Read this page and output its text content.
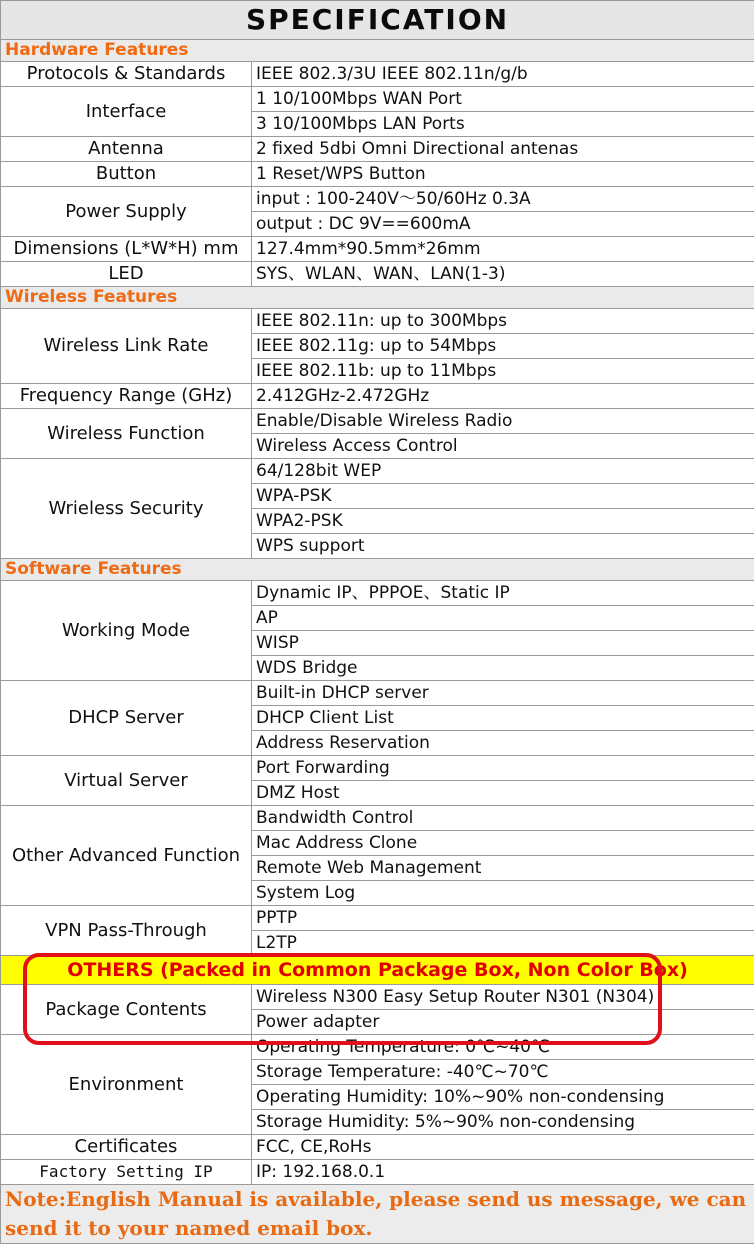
SPECIFICATION	
Hardware Features	
Protocols & Standards	IEEE 802.3/3U IEEE 802.11n/g/b
Interface	1 10/100Mbps WAN Port
	3 10/100Mbps LAN Ports
Antenna	2 fixed 5dbi Omni Directional antenas
Button	1 Reset/WPS Button
Power Supply	input : 100-240V～50/60Hz 0.3A
	output : DC 9V==600mA
Dimensions (L*W*H) mm	127.4mm*90.5mm*26mm
LED	SYS、WLAN、WAN、LAN(1-3)
Wireless Features	
Wireless Link Rate	IEEE 802.11n: up to 300Mbps
	IEEE 802.11g: up to 54Mbps
	IEEE 802.11b: up to 11Mbps
Frequency Range (GHz)	2.412GHz-2.472GHz
Wireless Function	Enable/Disable Wireless Radio
	Wireless Access Control
Wrieless Security	64/128bit WEP
	WPA-PSK
	WPA2-PSK
	WPS support
Software Features	
Working Mode	Dynamic IP、PPPOE、Static IP
	AP
	WISP
	WDS Bridge
DHCP Server	Built-in DHCP server
	DHCP Client List
	Address Reservation
Virtual Server	Port Forwarding
	DMZ Host
Other Advanced Function	Bandwidth Control
	Mac Address Clone
	Remote Web Management
	System Log
VPN Pass-Through	PPTP
	L2TP
OTHERS (Packed in Common Package Box, Non Color Box)	
Package Contents	Wireless N300 Easy Setup Router N301 (N304)
	Power adapter
Environment	Operating Temperature: 0℃~40℃
	Storage Temperature: -40℃~70℃
	Operating Humidity: 10%~90% non-condensing
	Storage Humidity: 5%~90% non-condensing
Certificates	FCC, CE,RoHs
Factory Setting IP	IP: 192.168.0.1
Note:English Manual is available, please send us message, we can send it to your named email box.	
